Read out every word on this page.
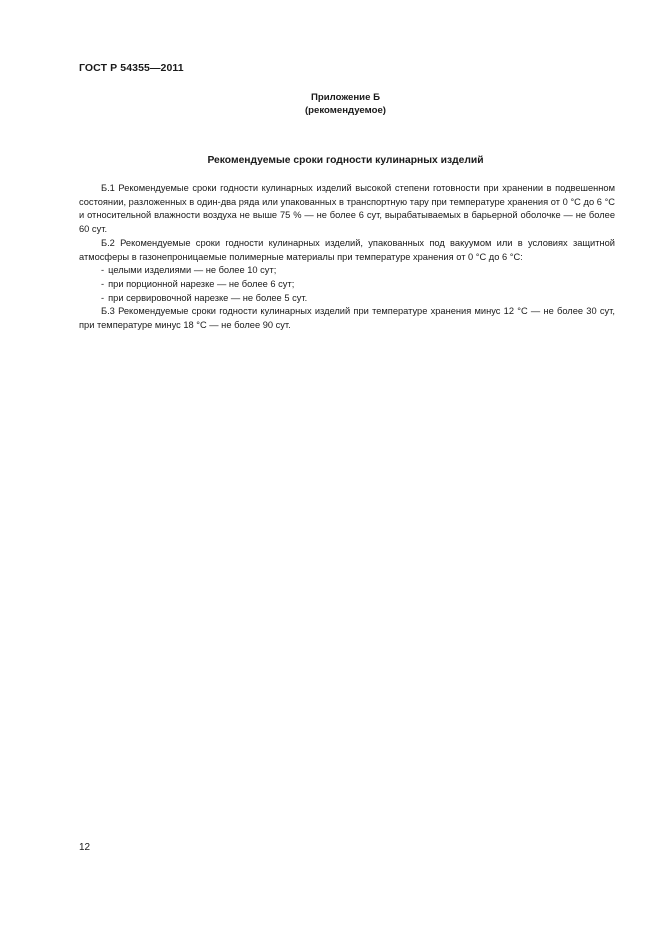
ГОСТ Р 54355—2011
Приложение Б
(рекомендуемое)
Рекомендуемые сроки годности кулинарных изделий

Б.1 Рекомендуемые сроки годности кулинарных изделий высокой степени готовности при хранении в подвешенном состоянии, разложенных в один-два ряда или упакованных в транспортную тару при температуре хранения от 0 °С до 6 °С и относительной влажности воздуха не выше 75 % — не более 6 сут, вырабатываемых в барьерной оболочке — не более 60 сут.

Б.2 Рекомендуемые сроки годности кулинарных изделий, упакованных под вакуумом или в условиях защитной атмосферы в газонепроницаемые полимерные материалы при температуре хранения от 0 °С до 6 °С:

- целыми изделиями — не более 10 сут;
- при порционной нарезке — не более 6 сут;
- при сервировочной нарезке — не более 5 сут.

Б.3 Рекомендуемые сроки годности кулинарных изделий при температуре хранения минус 12 °С — не более 30 сут, при температуре минус 18 °С — не более 90 сут.

12
